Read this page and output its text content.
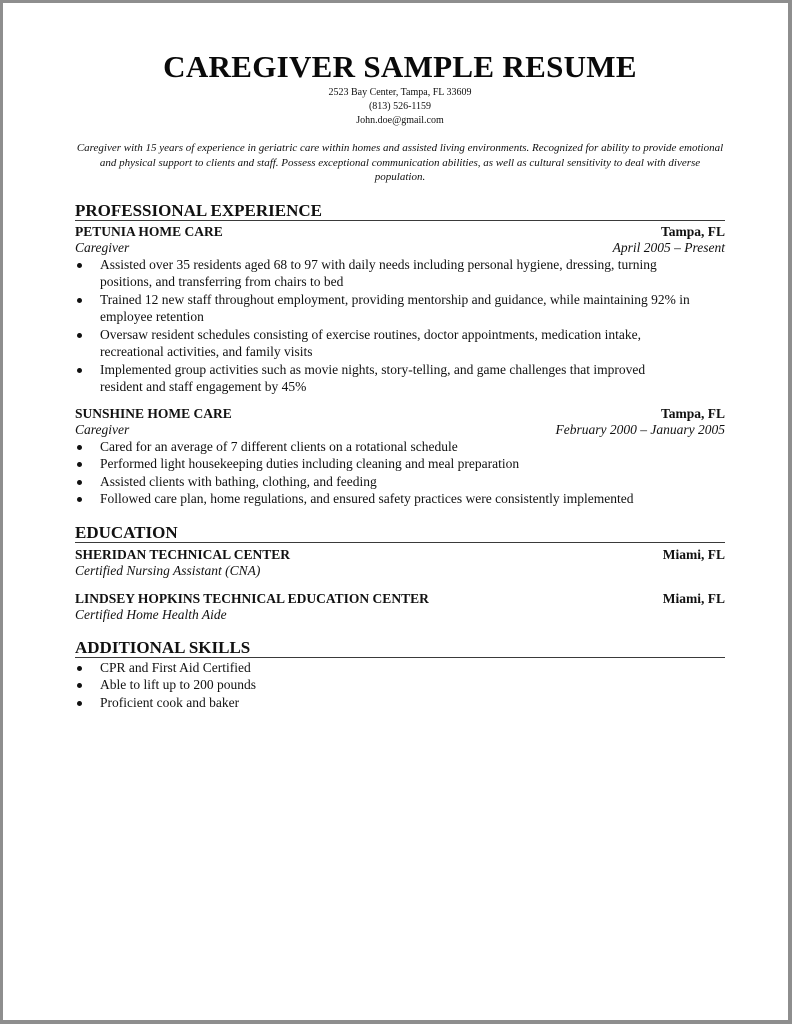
CAREGIVER SAMPLE RESUME
2523 Bay Center, Tampa, FL 33609
(813) 526-1159
John.doe@gmail.com

Caregiver with 15 years of experience in geriatric care within homes and assisted living environments. Recognized for ability to provide emotional and physical support to clients and staff. Possess exceptional communication abilities, as well as cultural sensitivity to deal with diverse population.

PROFESSIONAL EXPERIENCE
PETUNIA HOME CARE	Tampa, FL
Caregiver	April 2005 – Present
Assisted over 35 residents aged 68 to 97 with daily needs including personal hygiene, dressing, turning positions, and transferring from chairs to bed
Trained 12 new staff throughout employment, providing mentorship and guidance, while maintaining 92% in employee retention
Oversaw resident schedules consisting of exercise routines, doctor appointments, medication intake, recreational activities, and family visits
Implemented group activities such as movie nights, story-telling, and game challenges that improved resident and staff engagement by 45%
SUNSHINE HOME CARE	Tampa, FL
Caregiver	February 2000 – January 2005
Cared for an average of 7 different clients on a rotational schedule
Performed light housekeeping duties including cleaning and meal preparation
Assisted clients with bathing, clothing, and feeding
Followed care plan, home regulations, and ensured safety practices were consistently implemented
EDUCATION
SHERIDAN TECHNICAL CENTER	Miami, FL
Certified Nursing Assistant (CNA)
LINDSEY HOPKINS TECHNICAL EDUCATION CENTER	Miami, FL
Certified Home Health Aide
ADDITIONAL SKILLS
CPR and First Aid Certified
Able to lift up to 200 pounds
Proficient cook and baker
